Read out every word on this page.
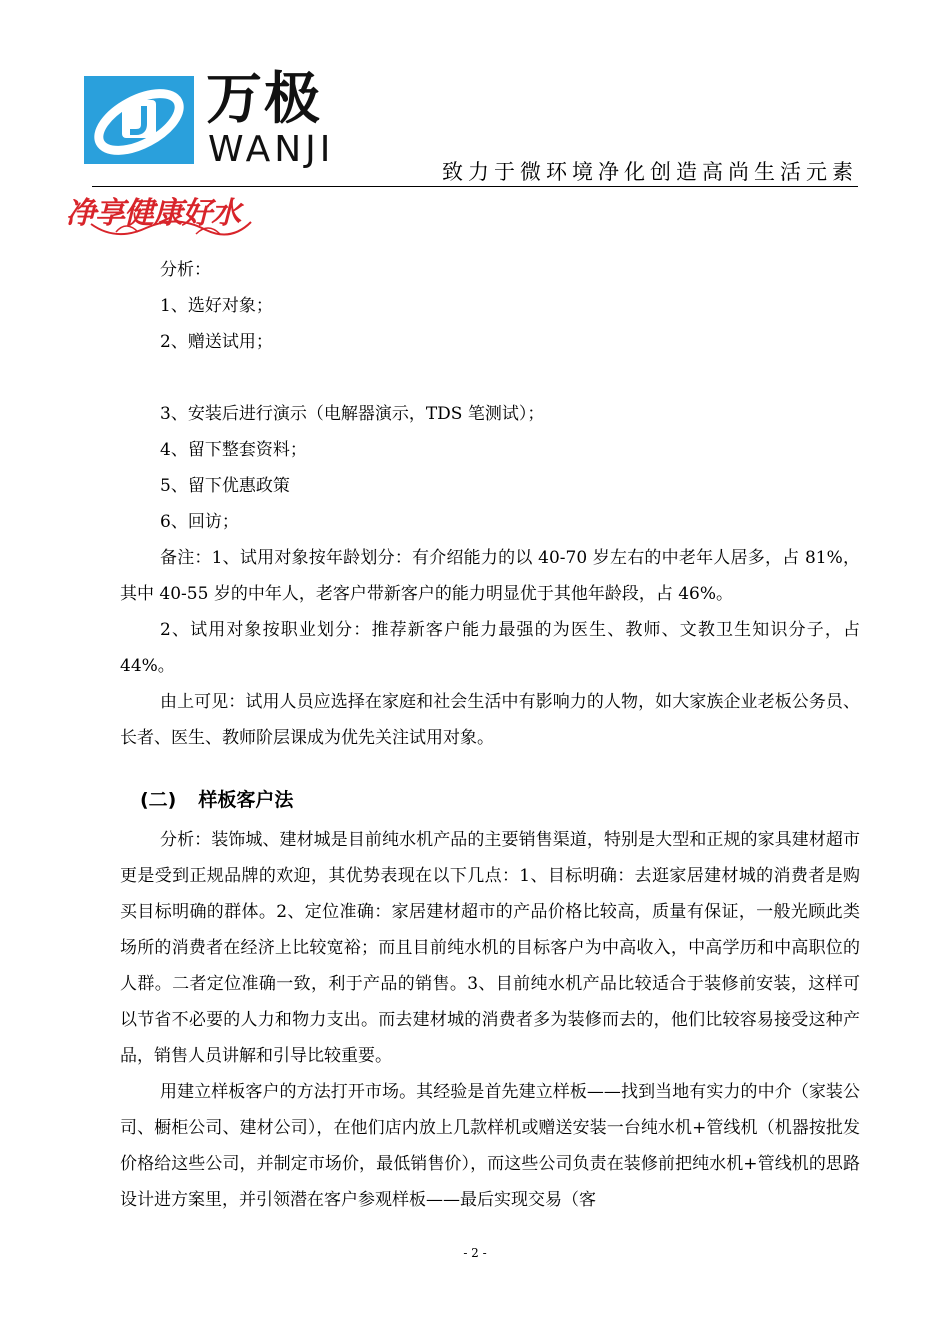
万极
WANJI
致力于微环境净化创造高尚生活元素
净享健康好水
分析：
1、选好对象；
2、赠送试用；
3、安装后进行演示（电解器演示，TDS 笔测试）；
4、留下整套资料；
5、留下优惠政策
6、回访；
备注：1、试用对象按年龄划分：有介绍能力的以 40-70 岁左右的中老年人居多，占 81%，其中 40-55 岁的中年人，老客户带新客户的能力明显优于其他年龄段，占 46%。
2、试用对象按职业划分：推荐新客户能力最强的为医生、教师、文教卫生知识分子，占 44%。
由上可见：试用人员应选择在家庭和社会生活中有影响力的人物，如大家族企业老板公务员、长者、医生、教师阶层课成为优先关注试用对象。
(二) 样板客户法
分析：装饰城、建材城是目前纯水机产品的主要销售渠道，特别是大型和正规的家具建材超市更是受到正规品牌的欢迎，其优势表现在以下几点：1、目标明确：去逛家居建材城的消费者是购买目标明确的群体。2、定位准确：家居建材超市的产品价格比较高，质量有保证，一般光顾此类场所的消费者在经济上比较宽裕；而且目前纯水机的目标客户为中高收入，中高学历和中高职位的人群。二者定位准确一致，利于产品的销售。3、目前纯水机产品比较适合于装修前安装，这样可以节省不必要的人力和物力支出。而去建材城的消费者多为装修而去的，他们比较容易接受这种产品，销售人员讲解和引导比较重要。
用建立样板客户的方法打开市场。其经验是首先建立样板——找到当地有实力的中介（家装公司、橱柜公司、建材公司），在他们店内放上几款样机或赠送安装一台纯水机+管线机（机器按批发价格给这些公司，并制定市场价，最低销售价），而这些公司负责在装修前把纯水机+管线机的思路设计进方案里，并引领潜在客户参观样板——最后实现交易（客
- 2 -
